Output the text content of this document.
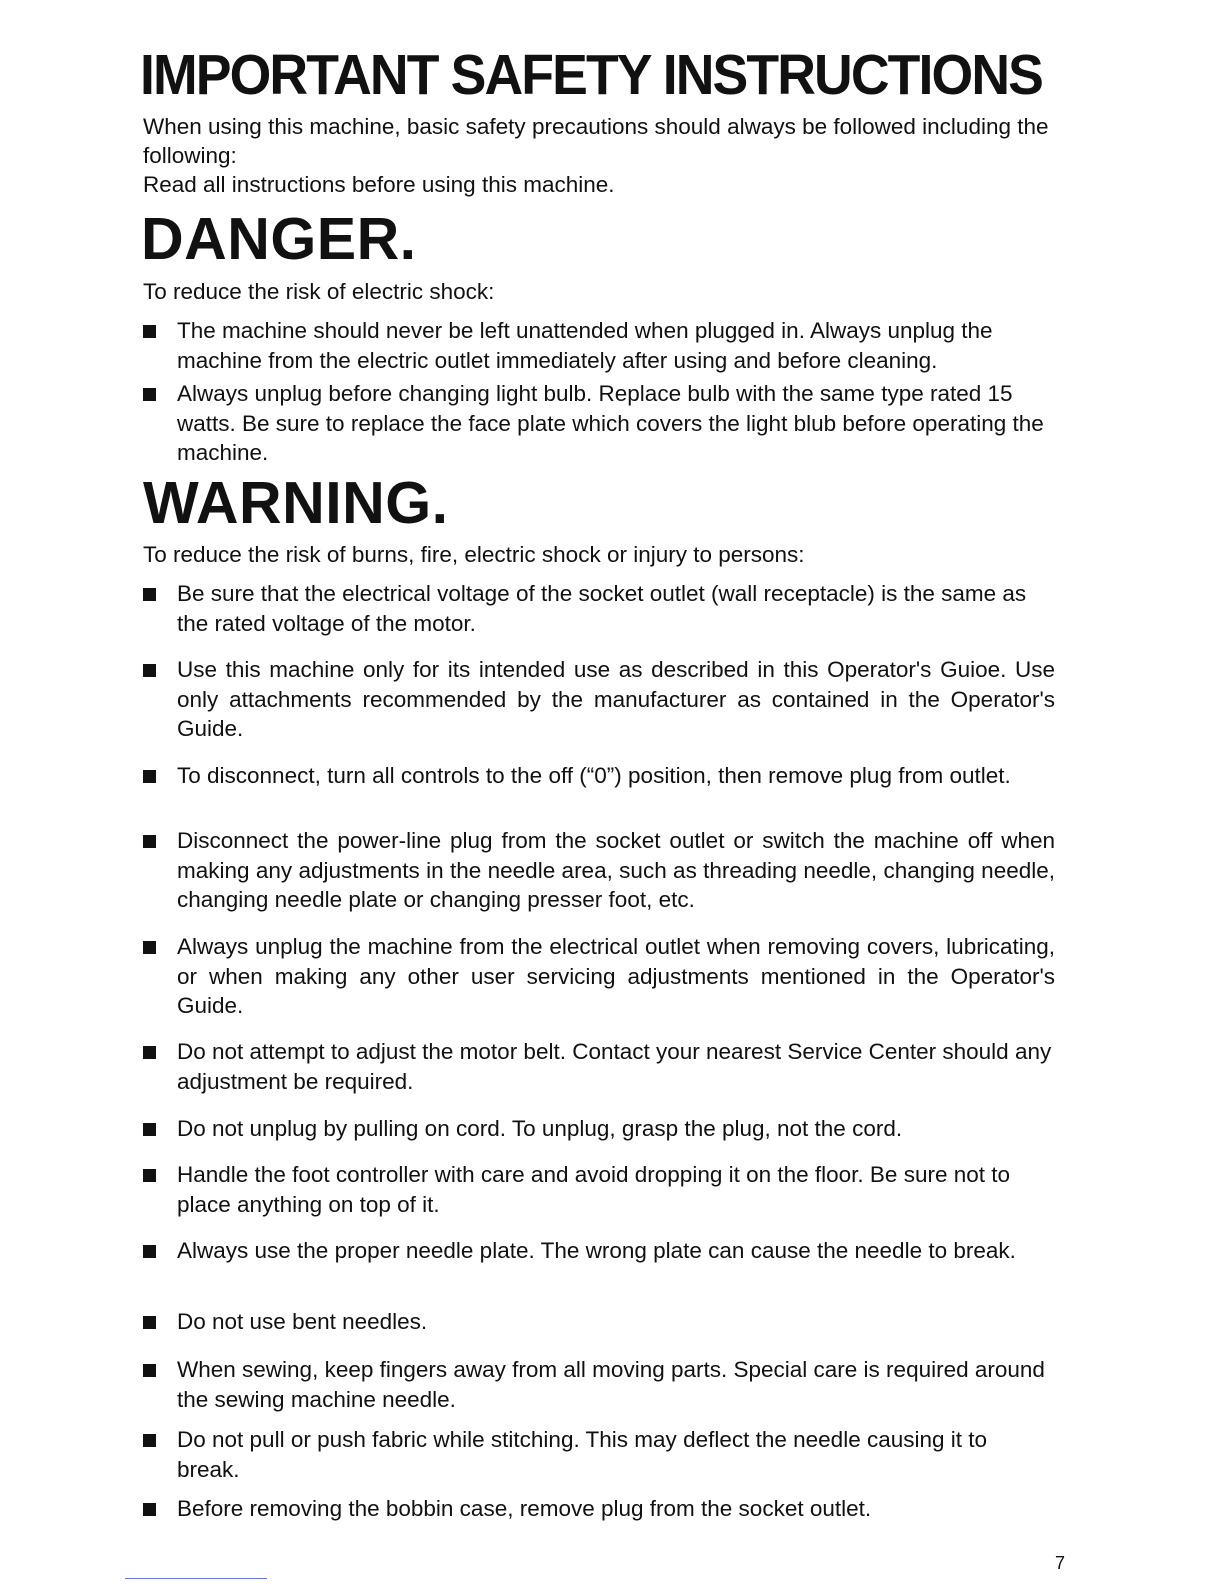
IMPORTANT SAFETY INSTRUCTIONS

When using this machine, basic safety precautions should always be followed including the following:

Read all instructions before using this machine.

DANGER.
To reduce the risk of electric shock:
The machine should never be left unattended when plugged in. Always unplug the machine from the electric outlet immediately after using and before cleaning.
Always unplug before changing light bulb. Replace bulb with the same type rated 15 watts. Be sure to replace the face plate which covers the light blub before operating the machine.
WARNING.
To reduce the risk of burns, fire, electric shock or injury to persons:
Be sure that the electrical voltage of the socket outlet (wall receptacle) is the same as the rated voltage of the motor.
Use this machine only for its intended use as described in this Operator's Guioe. Use only attachments recommended by the manufacturer as contained in the Operator's Guide.
To disconnect, turn all controls to the off (“0”) position, then remove plug from outlet.
Disconnect the power-line plug from the socket outlet or switch the machine off when making any adjustments in the needle area, such as threading needle, changing needle, changing needle plate or changing presser foot, etc.
Always unplug the machine from the electrical outlet when removing covers, lubricating, or when making any other user servicing adjustments mentioned in the Operator's Guide.
Do not attempt to adjust the motor belt. Contact your nearest Service Center should any adjustment be required.
Do not unplug by pulling on cord. To unplug, grasp the plug, not the cord.
Handle the foot controller with care and avoid dropping it on the floor. Be sure not to place anything on top of it.
Always use the proper needle plate. The wrong plate can cause the needle to break.
Do not use bent needles.
When sewing, keep fingers away from all moving parts. Special care is required around the sewing machine needle.
Do not pull or push fabric while stitching. This may deflect the needle causing it to break.
Before removing the bobbin case, remove plug from the socket outlet.
7
